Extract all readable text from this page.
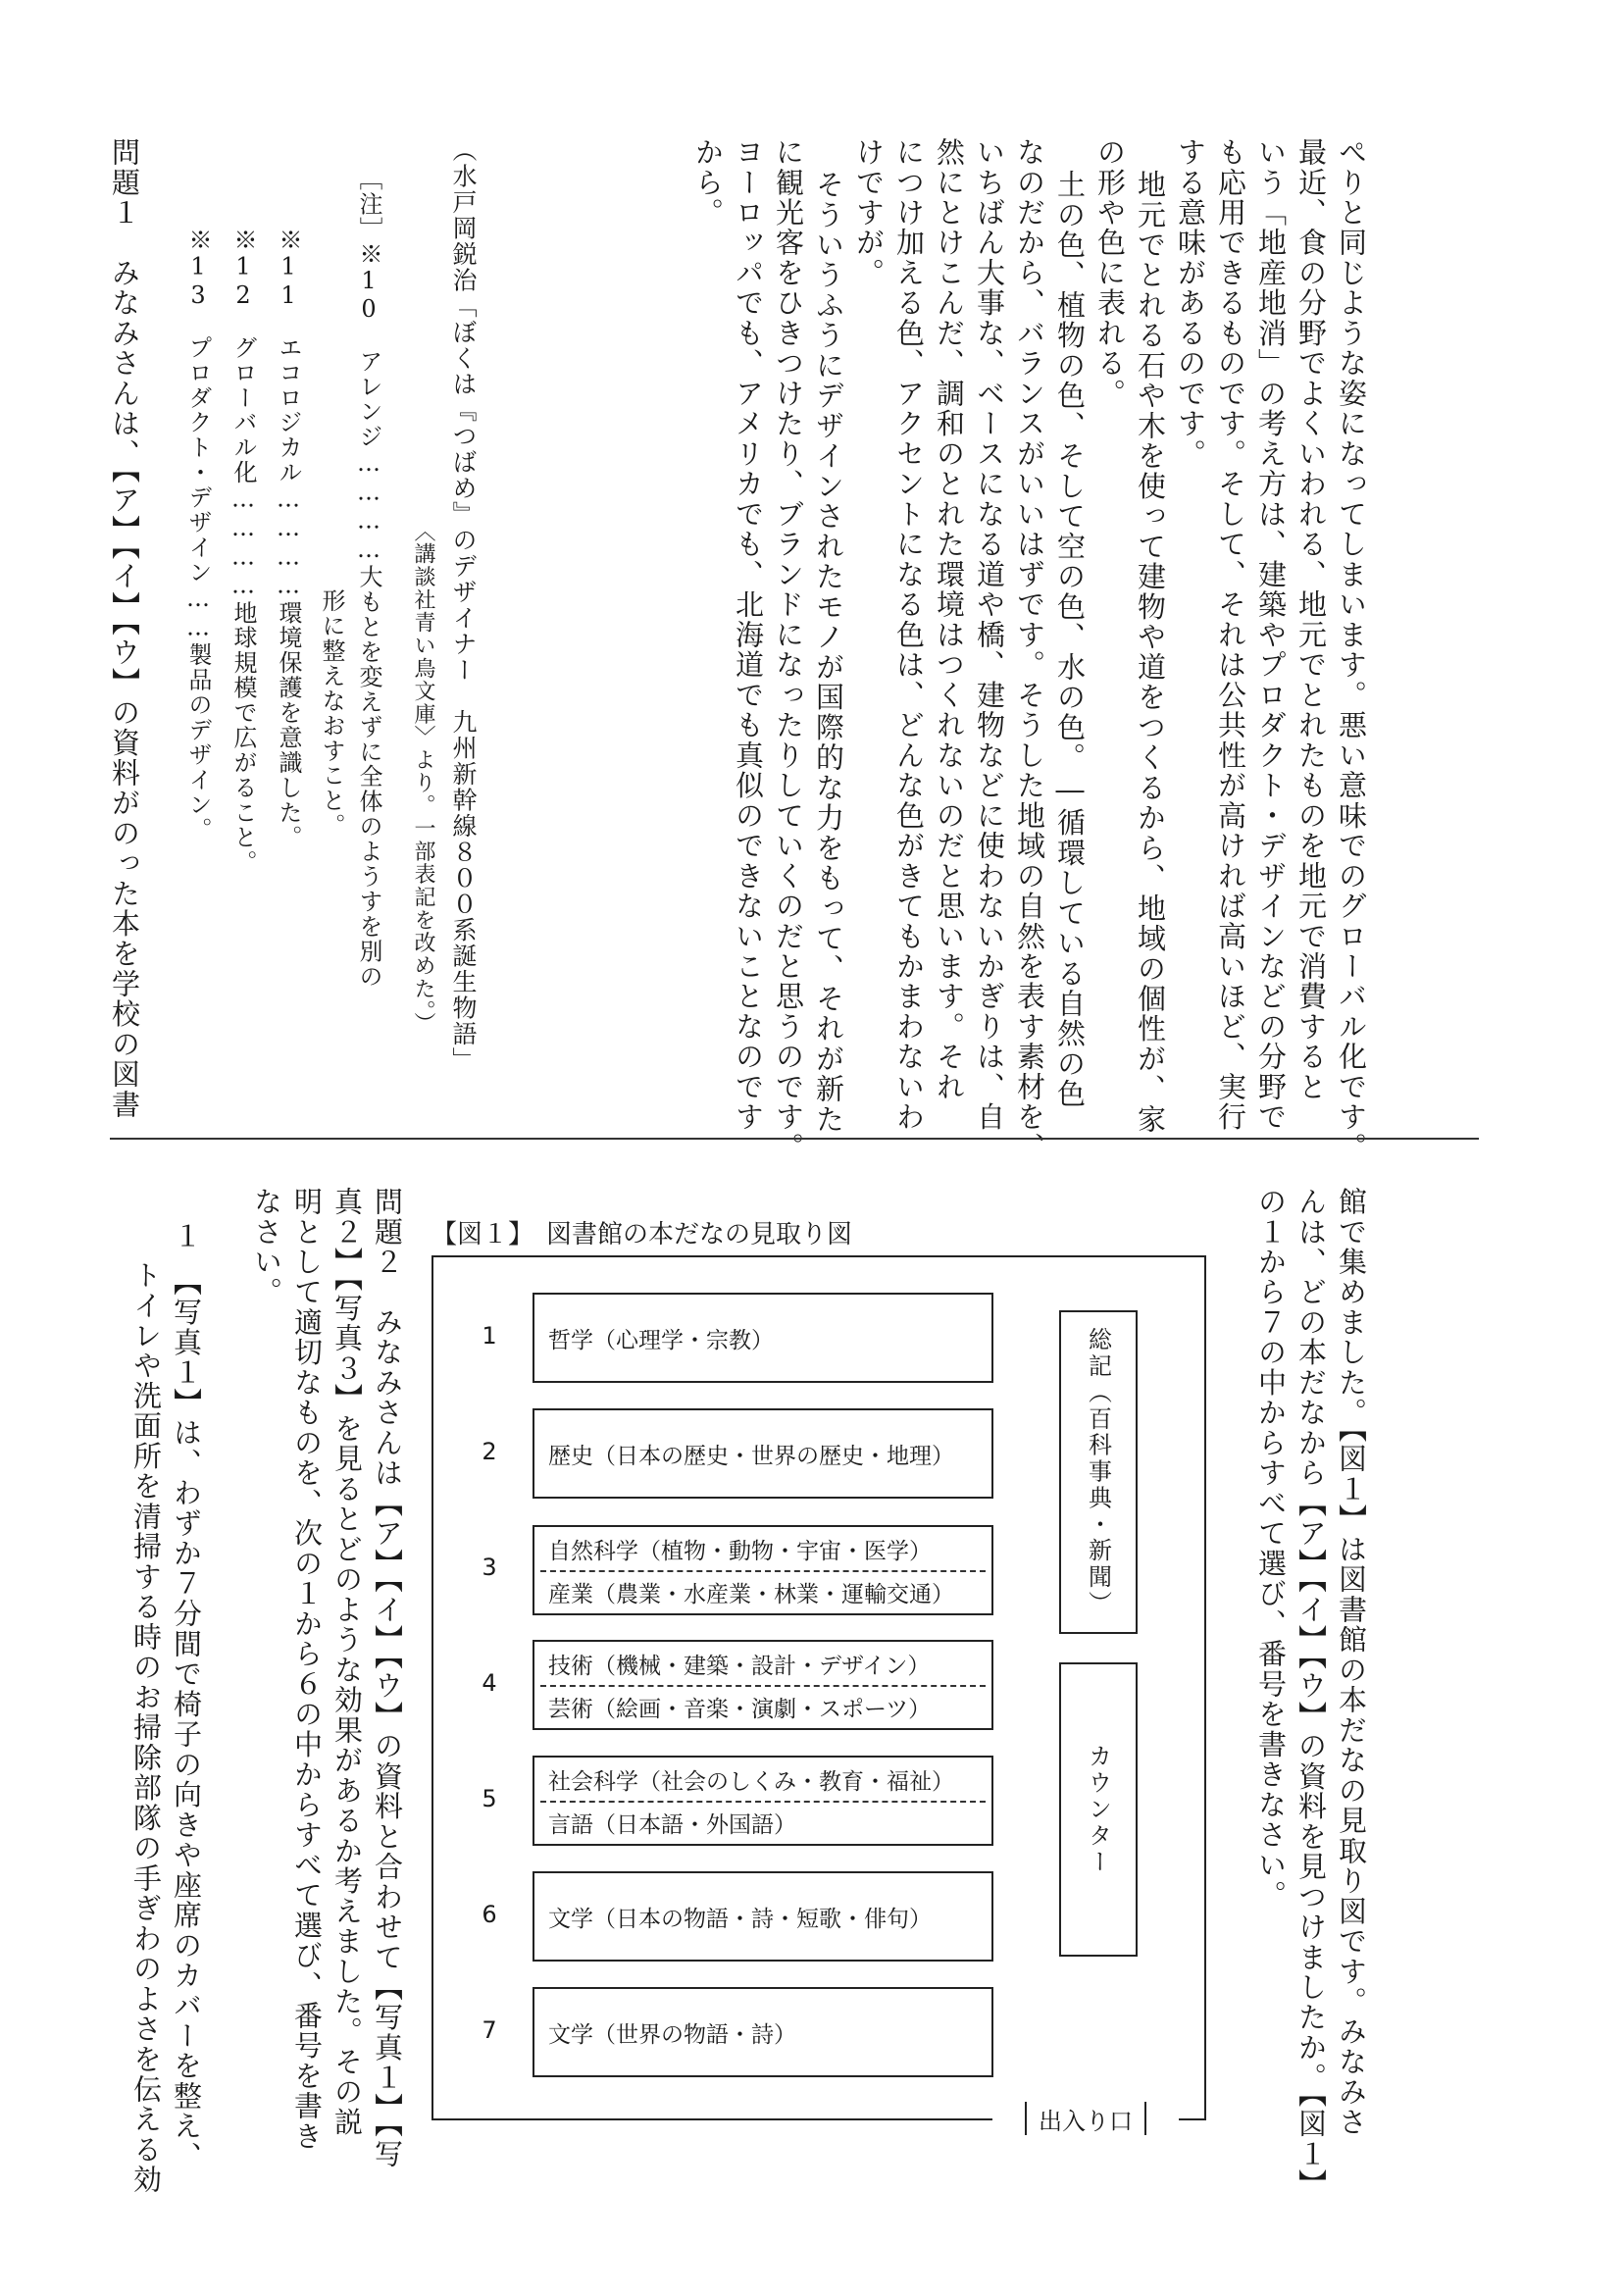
ぺりと同じような姿になってしまいます。悪い意味でのグローバル化です。
最近、食の分野でよくいわれる、地元でとれたものを地元で消費すると
いう「地産地消」の考え方は、建築やプロダクト・デザインなどの分野で
も応用できるものです。そして、それは公共性が高ければ高いほど、実行
する意味があるのです。
地元でとれる石や木を使って建物や道をつくるから、地域の個性が、家
の形や色に表れる。
土の色、植物の色、そして空の色、水の色。―循環している自然の色
なのだから、バランスがいいはずです。そうした地域の自然を表す素材を、
いちばん大事な、ベースになる道や橋、建物などに使わないかぎりは、自
然にとけこんだ、調和のとれた環境はつくれないのだと思います。それ
につけ加える色、アクセントになる色は、どんな色がきてもかまわないわ
けですが。
そういうふうにデザインされたモノが国際的な力をもって、それが新た
に観光客をひきつけたり、ブランドになったりしていくのだと思うのです。
ヨーロッパでも、アメリカでも、北海道でも真似のできないことなのです
から。
（水戸岡鋭治「ぼくは『つばめ』のデザイナー　九州新幹線８００系誕生物語」
〈講談社青い鳥文庫〉より。一部表記を改めた。）
［注］※10　アレンジ…………大もとを変えずに全体のようすを別の
形に整えなおすこと。
※11　エコロジカル…………環境保護を意識した。
※12　グローバル化…………地球規模で広がること。
※13　プロダクト・デザイン……製品のデザイン。
問題１　みなみさんは、【ア】【イ】【ウ】の資料がのった本を学校の図書
館で集めました。【図１】は図書館の本だなの見取り図です。みなみさ
んは、どの本だなから【ア】【イ】【ウ】の資料を見つけましたか。【図１】
の１から７の中からすべて選び、番号を書きなさい。
【図１】　図書館の本だなの見取り図
1	哲学（心理学・宗教）
2	歴史（日本の歴史・世界の歴史・地理）
3
自然科学（植物・動物・宇宙・医学）
産業（農業・水産業・林業・運輸交通）
4
技術（機械・建築・設計・デザイン）
芸術（絵画・音楽・演劇・スポーツ）
5
社会科学（社会のしくみ・教育・福祉）
言語（日本語・外国語）
6	文学（日本の物語・詩・短歌・俳句）
7	文学（世界の物語・詩）
総記（百科事典・新聞）
カウンター
出入り口
問題２　みなみさんは【ア】【イ】【ウ】の資料と合わせて【写真１】【写
真２】【写真３】を見るとどのような効果があるか考えました。その説
明として適切なものを、次の１から６の中からすべて選び、番号を書き
なさい。
１　【写真１】は、わずか７分間で椅子の向きや座席のカバーを整え、
トイレや洗面所を清掃する時のお掃除部隊の手ぎわのよさを伝える効
